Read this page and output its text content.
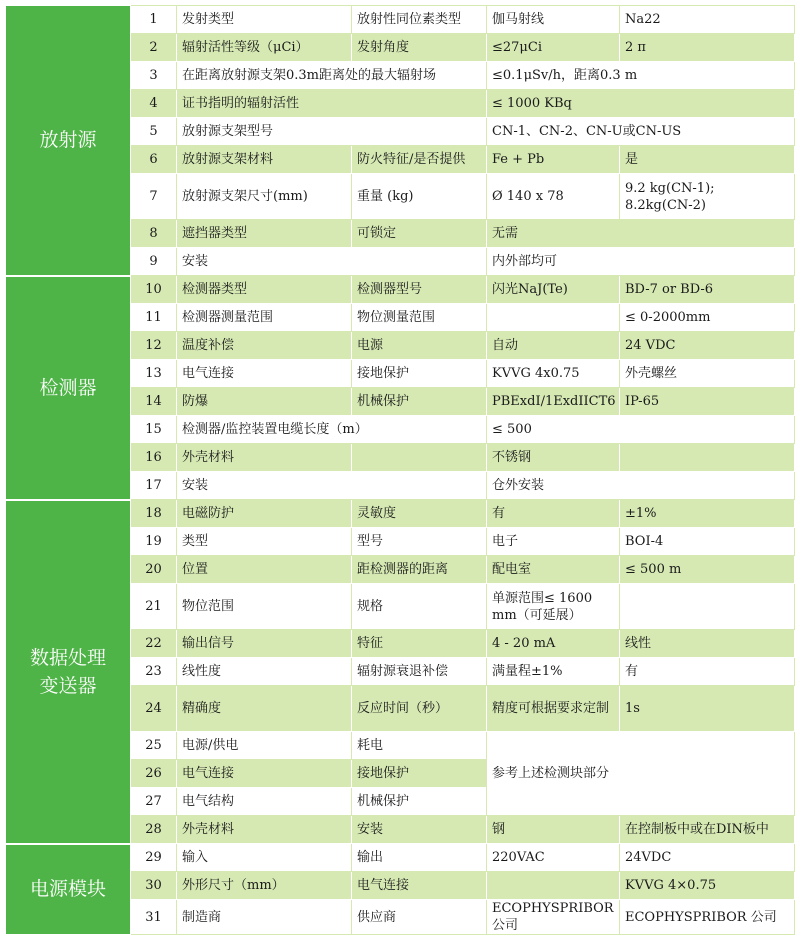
放射源	1	发射类型	放射性同位素类型	伽马射线	Na22
	2	辐射活性等级（μCi）	发射角度	≤27μCi	2 π
	3	在距离放射源支架0.3m距离处的最大辐射场		≤0.1μSv/h，距离0.3 m	
	4	证书指明的辐射活性		≤ 1000 KBq	
	5	放射源支架型号		CN-1、CN-2、CN-U或CN-US	
	6	放射源支架材料	防火特征/是否提供	Fe + Pb	是
	7	放射源支架尺寸(mm)	重量 (kg)	Ø 140 x 78	9.2 kg(CN-1);
8.2kg(CN-2)

	8	遮挡器类型	可锁定	无需	
	9	安装		内外部均可	
检测器	10	检测器类型	检测器型号	闪光NaJ(Te)	BD-7 or BD-6
	11	检测器测量范围	物位测量范围		≤ 0-2000mm
	12	温度补偿	电源	自动	24 VDC
	13	电气连接	接地保护	KVVG 4x0.75	外壳螺丝
	14	防爆	机械保护	PBExdI/1ExdIICT6	IP-65
	15	检测器/监控装置电缆长度（m）		≤ 500	
	16	外壳材料		不锈钢	
	17	安装		仓外安装	

数据处理
变送器	18	电磁防护	灵敏度	有	±1%
	19	类型	型号	电子	BOI-4
	20	位置	距检测器的距离	配电室	≤ 500 m
	21	物位范围	规格	单源范围≤ 1600
mm（可延展）	

	22	输出信号	特征	4 - 20 mA	线性
	23	线性度	辐射源衰退补偿	满量程±1%	有
	24	精确度	反应时间（秒）	精度可根据要求定制	1s
	25	电源/供电	耗电	参考上述检测块部分	
	26	电气连接	接地保护		
	27	电气结构	机械保护		
	28	外壳材料	安装	钢	在控制板中或在DIN板中
电源模块	29	输入	输出	220VAC	24VDC
	30	外形尺寸（mm）	电气连接		KVVG 4×0.75
	31	制造商	供应商	ECOPHYSPRIBOR公司	ECOPHYSPRIBOR 公司
